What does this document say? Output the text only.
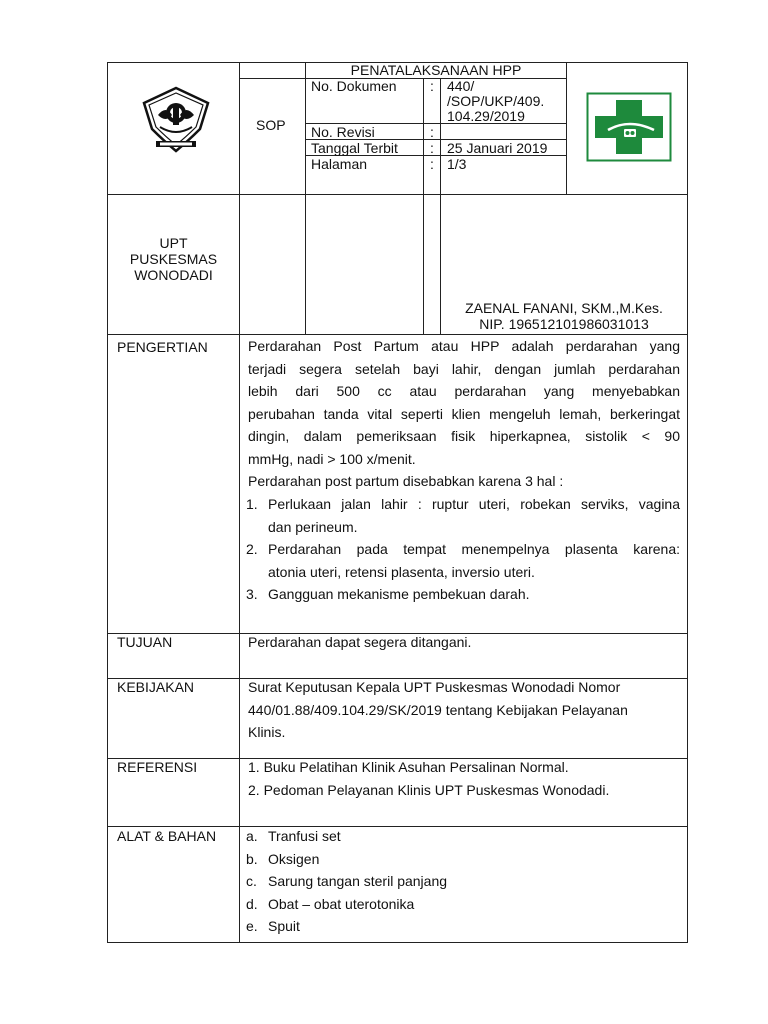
SOP
PENATALAKSANAAN HPP
No. Dokumen : 440/
/SOP/UKP/409.
104.29/2019
No. Revisi	:
Tanggal Terbit : 25 Januari 2019
Halaman	: 1/3
UPT
PUSKESMAS
WONODADI
ZAENAL FANANI, SKM.,M.Kes.
NIP. 196512101986031013
PENGERTIAN	Perdarahan Post Partum atau HPP adalah perdarahan yang
terjadi segera setelah bayi lahir, dengan jumlah perdarahan
lebih dari 500 cc atau perdarahan yang menyebabkan
perubahan tanda vital seperti klien mengeluh lemah, berkeringat
dingin, dalam pemeriksaan fisik hiperkapnea, sistolik < 90
mmHg, nadi > 100 x/menit.
Perdarahan post partum disebabkan karena 3 hal :
1. Perlukaan jalan lahir : ruptur uteri, robekan serviks, vagina
dan perineum.
2. Perdarahan pada tempat menempelnya plasenta karena:
atonia uteri, retensi plasenta, inversio uteri.
3. Gangguan mekanisme pembekuan darah.
TUJUAN	Perdarahan dapat segera ditangani.
KEBIJAKAN	Surat Keputusan Kepala UPT Puskesmas Wonodadi Nomor
440/01.88/409.104.29/SK/2019 tentang Kebijakan Pelayanan
Klinis.
REFERENSI	1. Buku Pelatihan Klinik Asuhan Persalinan Normal.
2. Pedoman Pelayanan Klinis UPT Puskesmas Wonodadi.
ALAT & BAHAN a. Tranfusi set
b. Oksigen
c. Sarung tangan steril panjang
d. Obat – obat uterotonika
e. Spuit
